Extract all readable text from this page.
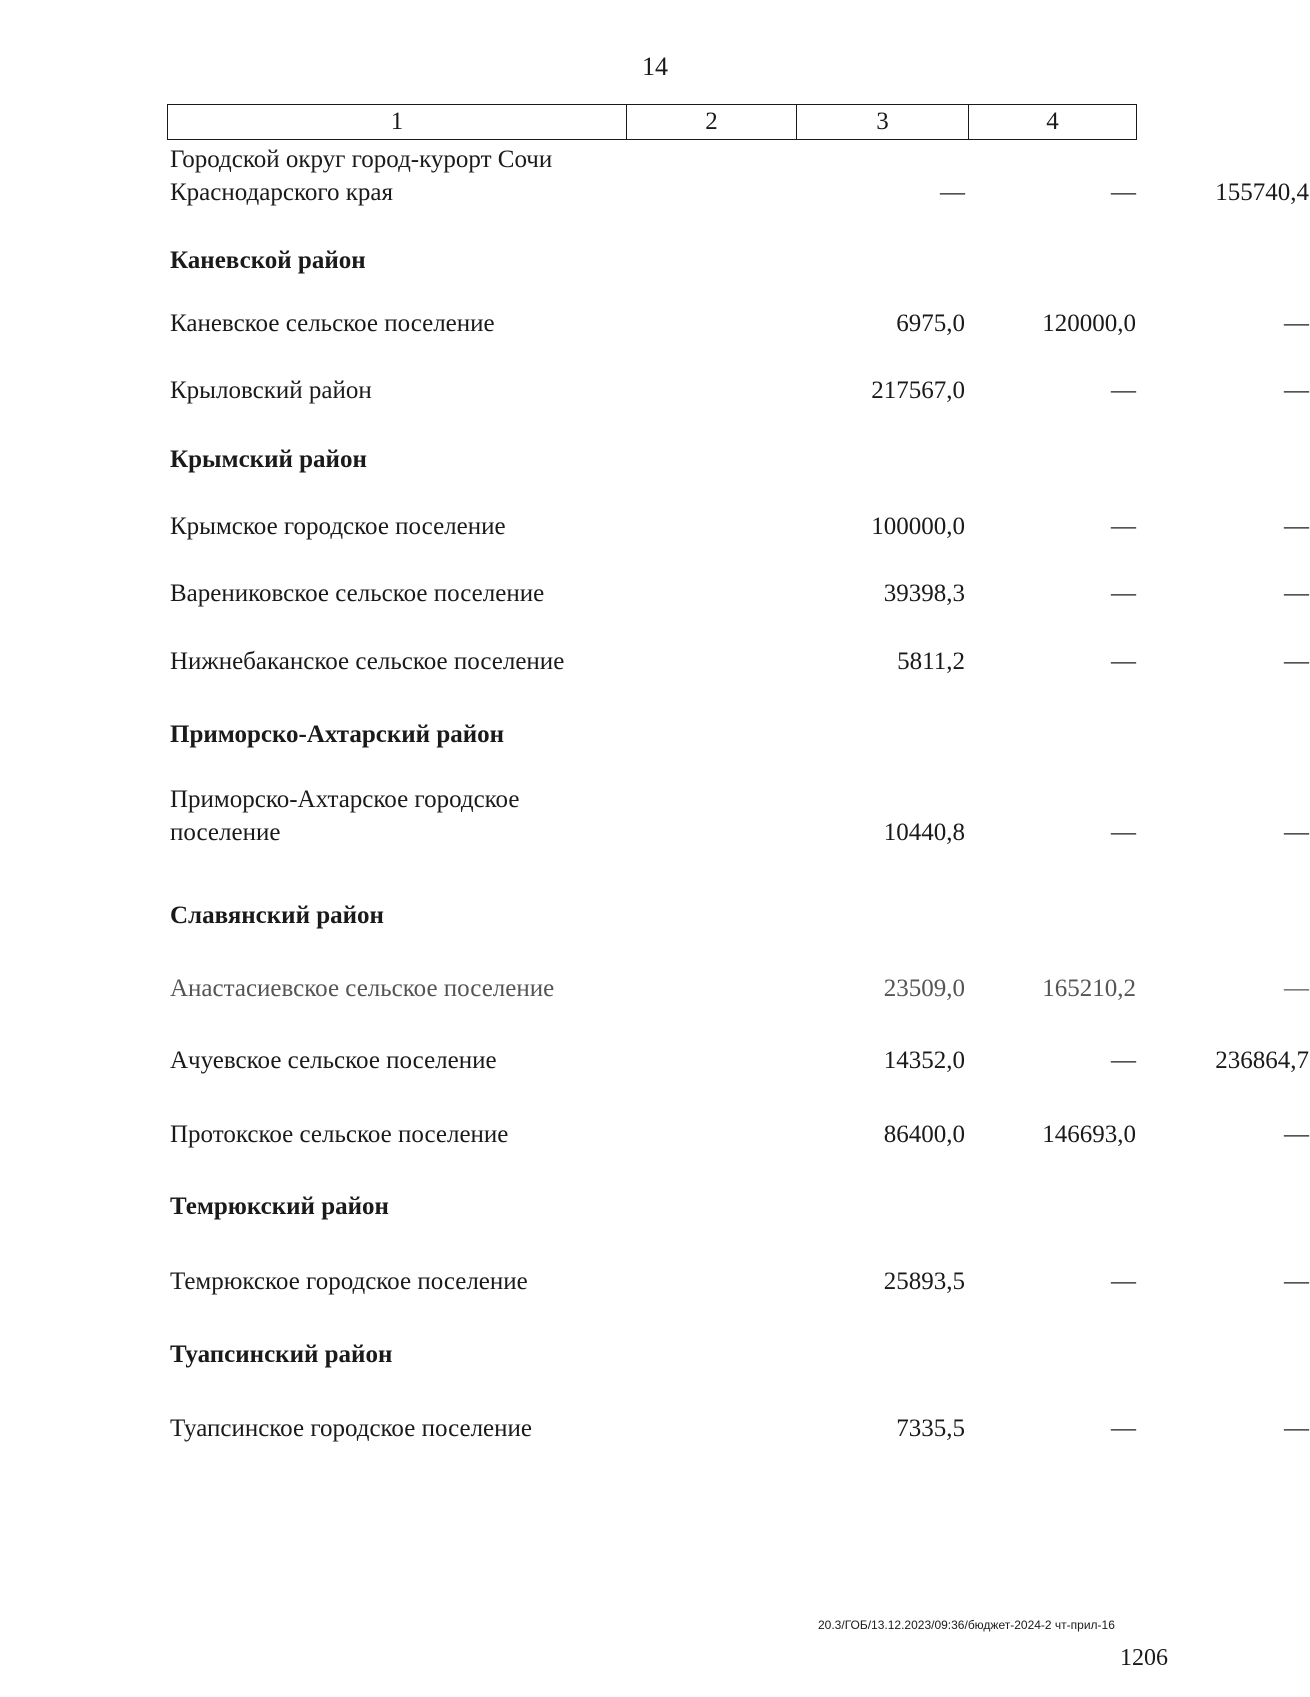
14
1	2	3	4
Городской округ город-курорт Сочи Краснодарского края	—	—	155740,4
Каневской район
Каневское сельское поселение	6975,0	120000,0	—
Крыловский район	217567,0	—	—
Крымский район
Крымское городское поселение	100000,0	—	—
Варениковское сельское поселение	39398,3	—	—
Нижнебаканское сельское поселение	5811,2	—	—
Приморско-Ахтарский район
Приморско-Ахтарское городское поселение	10440,8	—	—
Славянский район
Анастасиевское сельское поселение	23509,0	165210,2	—
Ачуевское сельское поселение	14352,0	—	236864,7
Протокское сельское поселение	86400,0	146693,0	—
Темрюкский район
Темрюкское городское поселение	25893,5	—	—
Туапсинский район
Туапсинское городское поселение	7335,5	—	—
20.3/ГОБ/13.12.2023/09:36/бюджет-2024-2 чт-прил-16
1206
